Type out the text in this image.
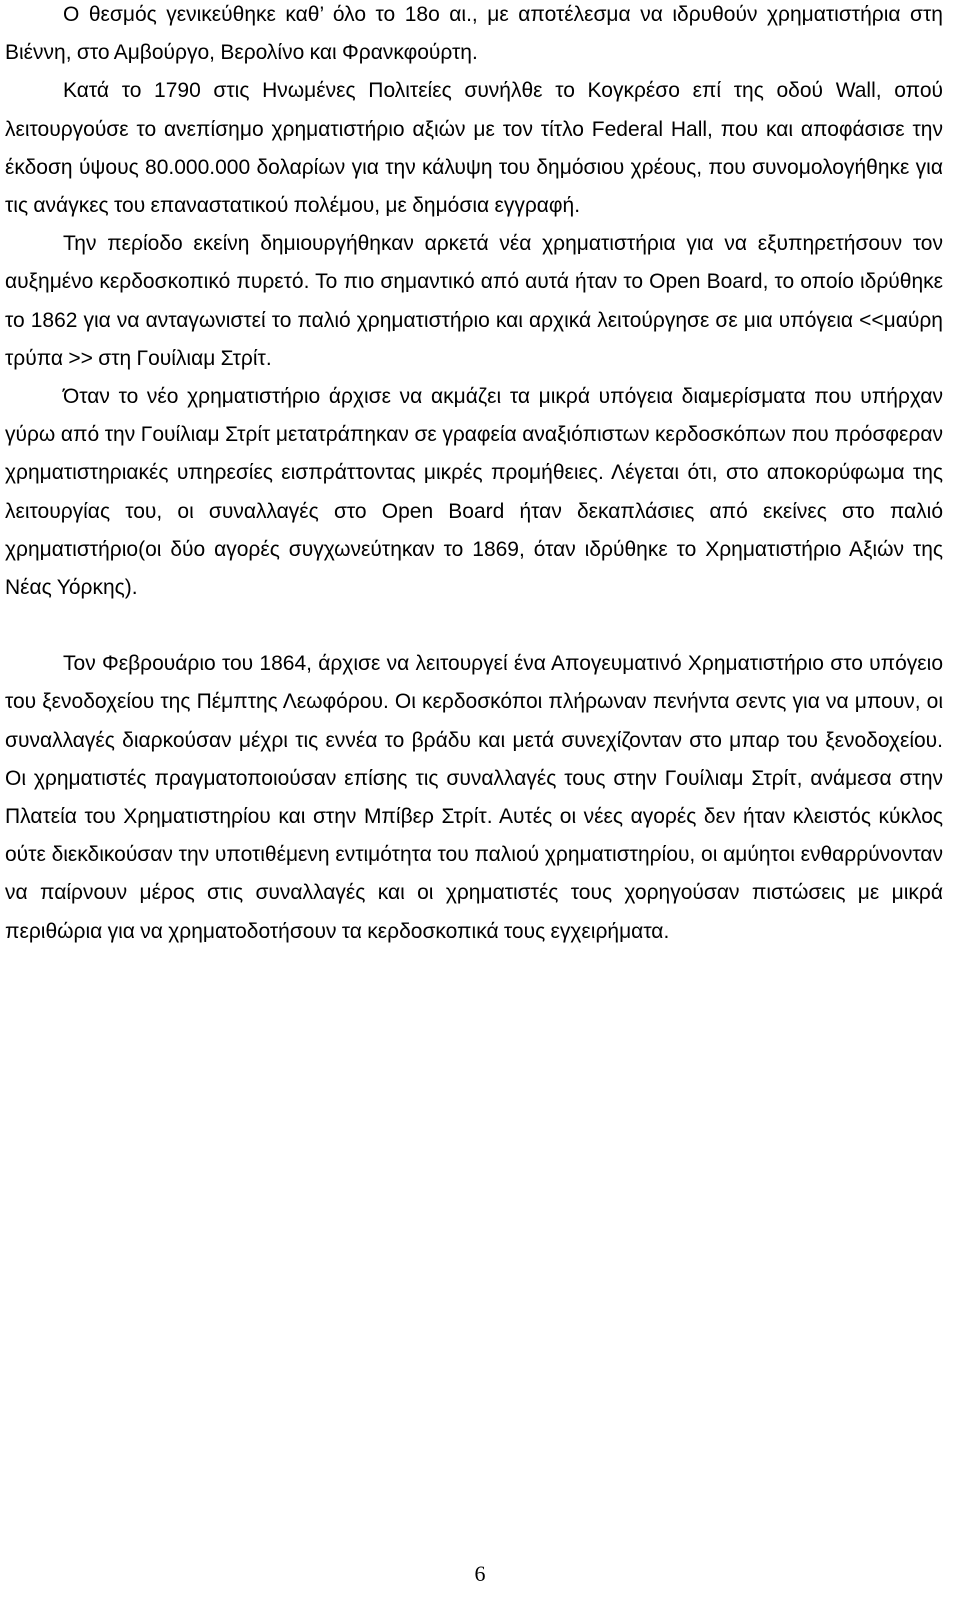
Ο θεσμός γενικεύθηκε καθ’ όλο το 18ο αι., με αποτέλεσμα να ιδρυθούν χρηματιστήρια στη Βιέννη, στο Αμβούργο, Βερολίνο και Φρανκφούρτη.

Κατά το 1790 στις Ηνωμένες Πολιτείες συνήλθε το Κογκρέσο επί της οδού Wall, οπού λειτουργούσε το ανεπίσημο χρηματιστήριο αξιών με τον τίτλο Federal Hall, που και αποφάσισε την έκδοση ύψους 80.000.000 δολαρίων για την κάλυψη του δημόσιου χρέους, που συνομολογήθηκε για τις ανάγκες του επαναστατικού πολέμου, με δημόσια εγγραφή.

Την περίοδο εκείνη δημιουργήθηκαν αρκετά νέα χρηματιστήρια για να εξυπηρετήσουν τον αυξημένο κερδοσκοπικό πυρετό. Το πιο σημαντικό από αυτά ήταν το Open Board, το οποίο ιδρύθηκε το 1862 για να ανταγωνιστεί το παλιό χρηματιστήριο και αρχικά λειτούργησε σε μια υπόγεια <<μαύρη τρύπα >> στη Γουίλιαμ Στρίτ.

Όταν το νέο χρηματιστήριο άρχισε να ακμάζει τα μικρά υπόγεια διαμερίσματα που υπήρχαν γύρω από την Γουίλιαμ Στρίτ μετατράπηκαν σε γραφεία αναξιόπιστων κερδοσκόπων που πρόσφεραν χρηματιστηριακές υπηρεσίες εισπράττοντας μικρές προμήθειες. Λέγεται ότι, στο αποκορύφωμα της λειτουργίας του, οι συναλλαγές στο Open Board ήταν δεκαπλάσιες από εκείνες στο παλιό χρηματιστήριο(οι δύο αγορές συγχωνεύτηκαν το 1869, όταν ιδρύθηκε το Χρηματιστήριο Αξιών της Νέας Υόρκης).

Τον Φεβρουάριο του 1864, άρχισε να λειτουργεί ένα Απογευματινό Χρηματιστήριο στο υπόγειο του ξενοδοχείου της Πέμπτης Λεωφόρου. Οι κερδοσκόποι πλήρωναν πενήντα σεντς για να μπουν, οι συναλλαγές διαρκούσαν μέχρι τις εννέα το βράδυ και μετά συνεχίζονταν στο μπαρ του ξενοδοχείου. Οι χρηματιστές πραγματοποιούσαν επίσης τις συναλλαγές τους στην Γουίλιαμ Στρίτ, ανάμεσα στην Πλατεία του Χρηματιστηρίου και στην Μπίβερ Στρίτ. Αυτές οι νέες αγορές δεν ήταν κλειστός κύκλος ούτε διεκδικούσαν την υποτιθέμενη εντιμότητα του παλιού χρηματιστηρίου, οι αμύητοι ενθαρρύνονταν να παίρνουν μέρος στις συναλλαγές και οι χρηματιστές τους χορηγούσαν πιστώσεις με μικρά περιθώρια για να χρηματοδοτήσουν τα κερδοσκοπικά τους εγχειρήματα.

6
